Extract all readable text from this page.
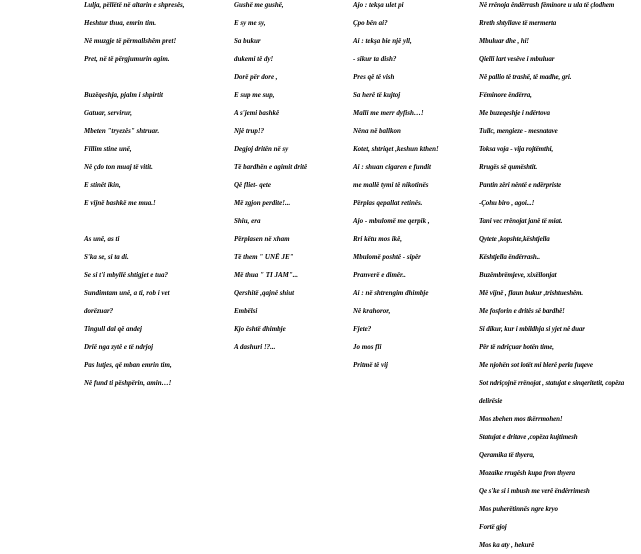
Lulja, pëllëtë në altarin e shpresës,
Heshtur thua, emrin tim.
Në muzgje të përmallshëm pret!
Pret, në të përgjumurin agim.
Buzëqeshja, pjalm i shpirtit
Gatuar, servirur,
Mbeten "tryezës" shtruar.
Fillim stine unë,
Në çdo ton muaj të vitit.
E stinët ikin,
E vijnë bashkë me mua.!
As unë, as ti
S'ka se, si ta di.
Se si t'i mbyllë shtigjet e tua?
Sundimtam unë, a ti, rob i vet
dorëzuar?
Tingull dal që andej
Drië nga zytë e të ndrjoj
Pas lutjes, që mban emrin tim,
Në fund ti pëshpërin, amin…!
Gushë me gushë,
E sy me sy,
Sa bukur
dukemi të dy!
Dorë për dore ,
E sup me sup,
A s'jemi bashkë
Një trup!?
Degjoj dritën në sy
Të bardhën e agimit dritë
Që fliet- qete
Më zgjon perdite!...
Shiu, era
Përplasen në xham
Të them " UNË JE"
Më thua " TI JAM"...
Qershitë ,qajnë shiut
Embëlsi
Kjo është dhimbje
A dashuri !?...
Ajo : tekşa ulet pi
Çpo bën ai?
Ai : tekşa bie një yll,
- sikur ta dish?
Pres që të vish
Sa herë të kujtoj
Malli me merr dyfish…!
Nëna në ballkon
Kotet, shtriqet ,keshun kthen!
Ai : shuan cigaren e fundit
me mallë tymi të nikotinës
Përplas qepallat retinës.
Ajo - mbulomë me qerpik ,
Rri këtu mos ikë,
Mbulomë poshtë - sipër
Pranverë e dimër..
Ai : në shtrengim dhimbje
Në krahoror,
Fjete?
Jo mos fli
Pritmë të vij
Në rrënoja ëndërrash fëminore u ula të çlodhem
Rreth shtyllave të mermerta
Mbuluar dhe , hi!
Qielli lart vesëve i mbuluar
Në pallio të trashë, të madhe, gri.
Fëminore ëndërra,
Me buzeqeshje i ndërtova
Tullc, mengieze - mesnatave
Toksa voja - vija rojtëmthi,
Rrugës së qumështit.
Pantin zëri nëntë e ndërpriste
-Çohu biro , agoi...!
Tani vec rrënojat janë të miat.
Qytete ,kopshte,kështjella
Kështjella ëndërrash..
Buzëmbrëmjeve, xixëllonjat
Më vijnë , flaun bukur ,trishtueshëm.
Me fosforin e dritës së bardhë!
Si dikur, kur i mbildhja si yjet në duar
Për të ndriçuar botën time,
Me njohën sot lotët mi blerë perla fuqeve
Sot ndriçojnë rrënojat , statujat e sinqeritetit, copëza
delirësie
Mos zbehen mos tkërrmohen!
Statujat e dritave ,copëza kujtimesh
Qeramika të thyera,
Mozaike rrugësh kupa fron thyera
Qe s'ke si i mbush me verë ëndërrimesh
Mos puherëtinnës ngre kryo
Fortë gjoj
Mos ka aty , hekurë
